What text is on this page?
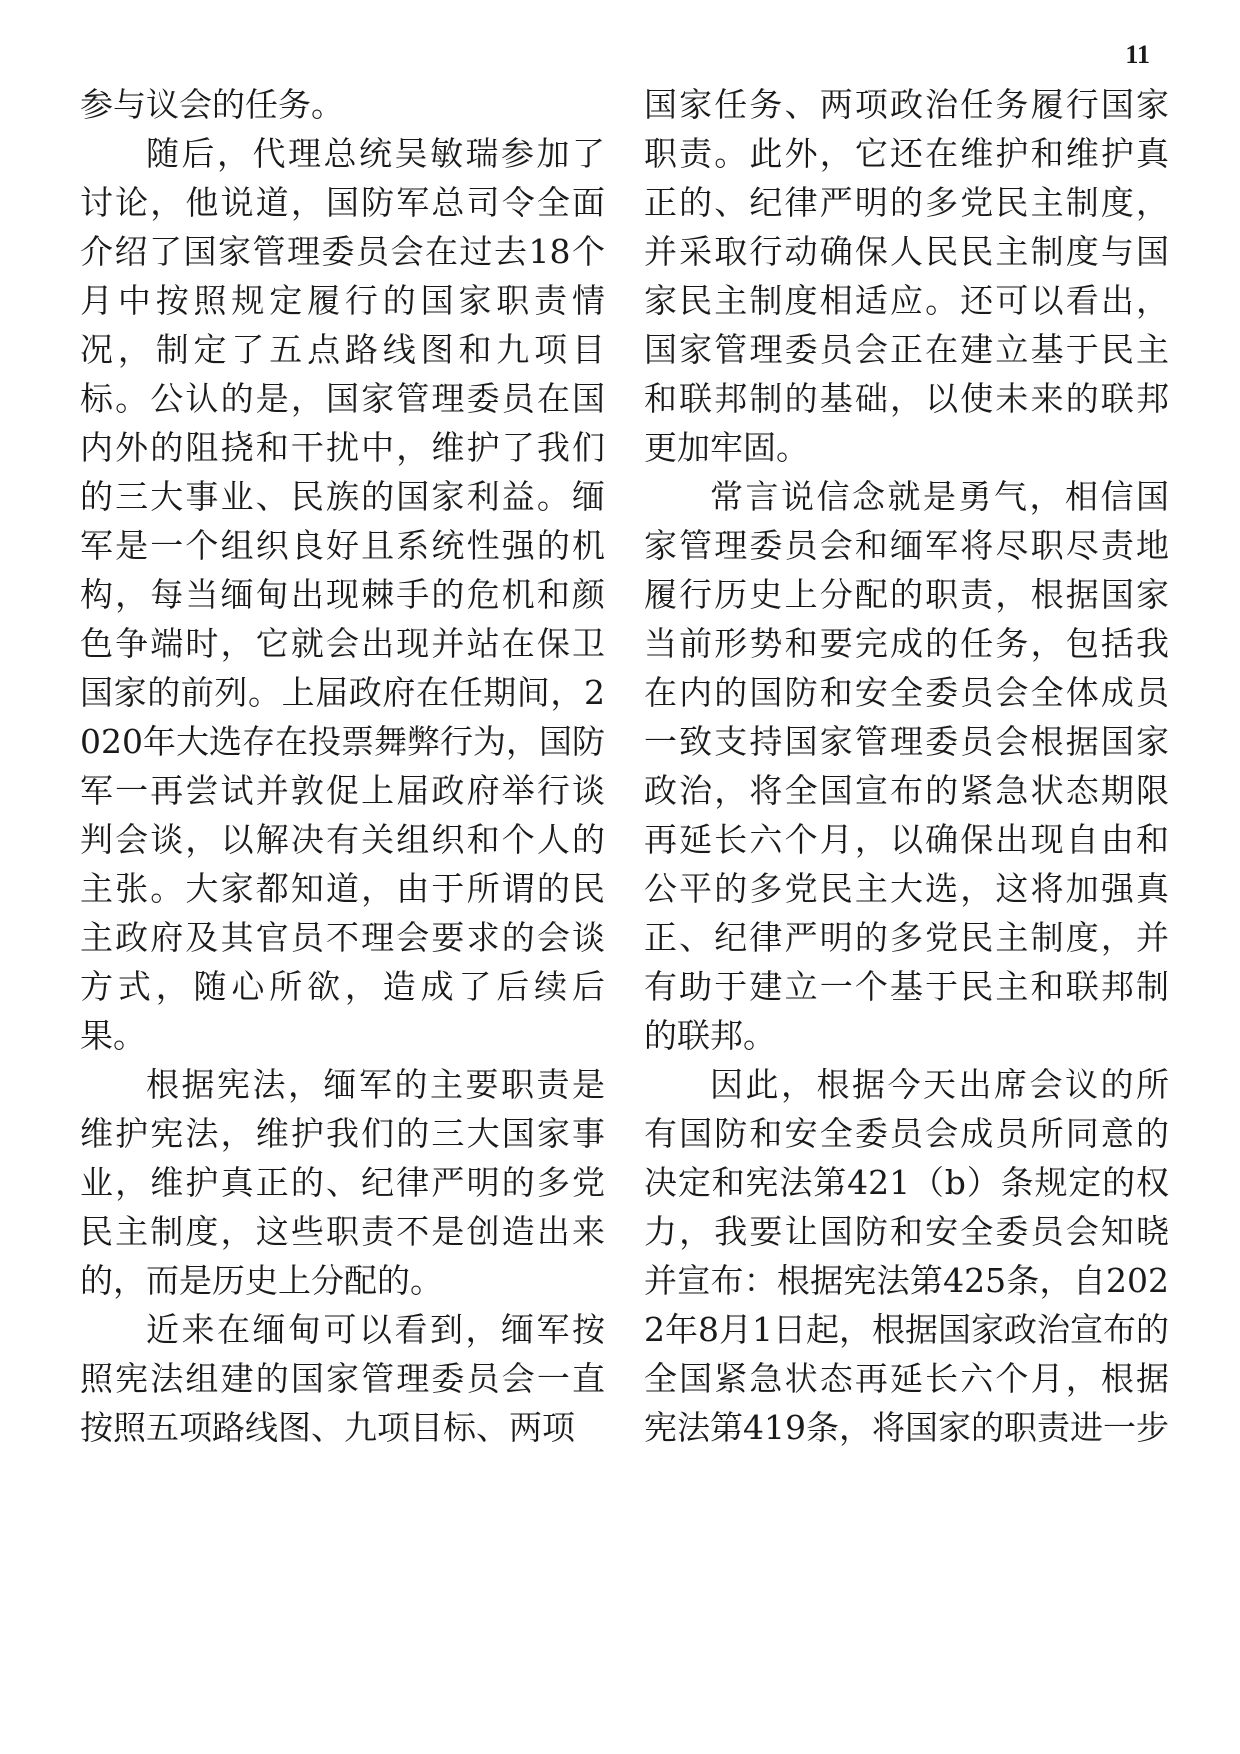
11

参与议会的任务。

随后，代理总统吴敏瑞参加了讨论，他说道，国防军总司令全面介绍了国家管理委员会在过去18个月中按照规定履行的国家职责情况，制定了五点路线图和九项目标。公认的是，国家管理委员在国内外的阻挠和干扰中，维护了我们的三大事业、民族的国家利益。缅军是一个组织良好且系统性强的机构，每当缅甸出现棘手的危机和颜色争端时，它就会出现并站在保卫国家的前列。上届政府在任期间，2020年大选存在投票舞弊行为，国防军一再尝试并敦促上届政府举行谈判会谈，以解决有关组织和个人的主张。大家都知道，由于所谓的民主政府及其官员不理会要求的会谈方式，随心所欲，造成了后续后果。

根据宪法，缅军的主要职责是维护宪法，维护我们的三大国家事业，维护真正的、纪律严明的多党民主制度，这些职责不是创造出来的，而是历史上分配的。

近来在缅甸可以看到，缅军按照宪法组建的国家管理委员会一直按照五项路线图、九项目标、两项

国家任务、两项政治任务履行国家职责。此外，它还在维护和维护真正的、纪律严明的多党民主制度，并采取行动确保人民民主制度与国家民主制度相适应。还可以看出，国家管理委员会正在建立基于民主和联邦制的基础，以使未来的联邦更加牢固。

常言说信念就是勇气，相信国家管理委员会和缅军将尽职尽责地履行历史上分配的职责，根据国家当前形势和要完成的任务，包括我在内的国防和安全委员会全体成员一致支持国家管理委员会根据国家政治，将全国宣布的紧急状态期限再延长六个月，以确保出现自由和公平的多党民主大选，这将加强真正、纪律严明的多党民主制度，并有助于建立一个基于民主和联邦制的联邦。

因此，根据今天出席会议的所有国防和安全委员会成员所同意的决定和宪法第421（b）条规定的权力，我要让国防和安全委员会知晓并宣布：根据宪法第425条，自2022年8月1日起，根据国家政治宣布的全国紧急状态再延长六个月，根据宪法第419条，将国家的职责进一步
